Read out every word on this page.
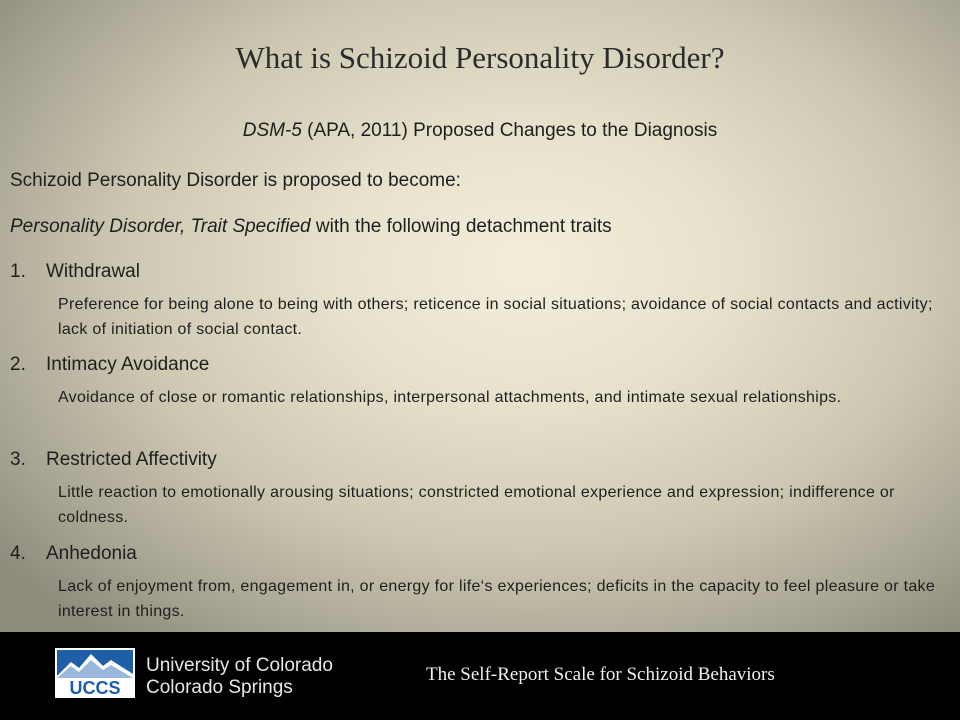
What is Schizoid Personality Disorder?
DSM-5 (APA, 2011) Proposed Changes to the Diagnosis
Schizoid Personality Disorder is proposed to become:
Personality Disorder, Trait Specified with the following detachment traits
1. Withdrawal
Preference for being alone to being with others; reticence in social situations; avoidance of social contacts and activity; lack of initiation of social contact.
2. Intimacy Avoidance
Avoidance of close or romantic relationships, interpersonal attachments, and intimate sexual relationships.
3. Restricted Affectivity
Little reaction to emotionally arousing situations; constricted emotional experience and expression; indifference or coldness.
4. Anhedonia
Lack of enjoyment from, engagement in, or energy for life‘s experiences; deficits in the capacity to feel pleasure or take interest in things.
UCCS
University of Colorado
Colorado Springs
The Self-Report Scale for Schizoid Behaviors
